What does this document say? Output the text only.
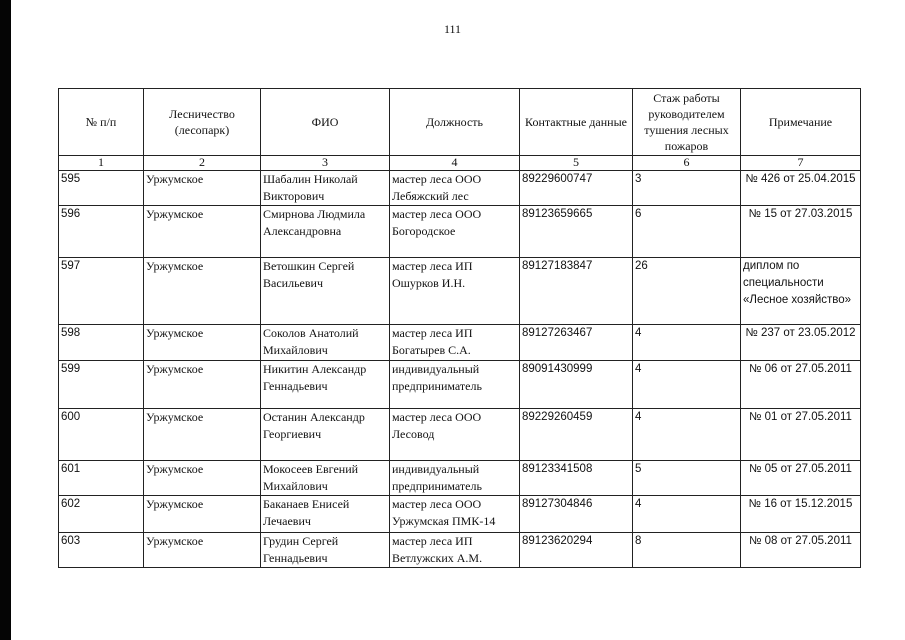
111
№ п/п	Лесничество (лесопарк)	ФИО	Должность	Контактные данные	Стаж работы руководителем тушения лесных пожаров	Примечание
1	2	3	4	5	6	7
595	Уржумское	Шабалин Николай Викторович	мастер леса ООО Лебяжский лес	89229600747	3	№ 426 от 25.04.2015
596	Уржумское	Смирнова Людмила Александровна	мастер леса ООО Богородское	89123659665	6	№ 15 от 27.03.2015
597	Уржумское	Ветошкин Сергей Васильевич	мастер леса ИП Ошурков И.Н.	89127183847	26	диплом по специальности «Лесное хозяйство»
598	Уржумское	Соколов Анатолий Михайлович	мастер леса ИП Богатырев С.А.	89127263467	4	№ 237 от 23.05.2012
599	Уржумское	Никитин Александр Геннадьевич	индивидуальный предприниматель	89091430999	4	№ 06 от 27.05.2011
600	Уржумское	Останин Александр Георгиевич	мастер леса ООО Лесовод	89229260459	4	№ 01 от 27.05.2011
601	Уржумское	Мокосеев Евгений Михайлович	индивидуальный предприниматель	89123341508	5	№ 05 от 27.05.2011
602	Уржумское	Баканаев Енисей Лечаевич	мастер леса ООО Уржумская ПМК-14	89127304846	4	№ 16 от 15.12.2015
603	Уржумское	Грудин Сергей Геннадьевич	мастер леса ИП Ветлужских А.М.	89123620294	8	№ 08 от 27.05.2011
